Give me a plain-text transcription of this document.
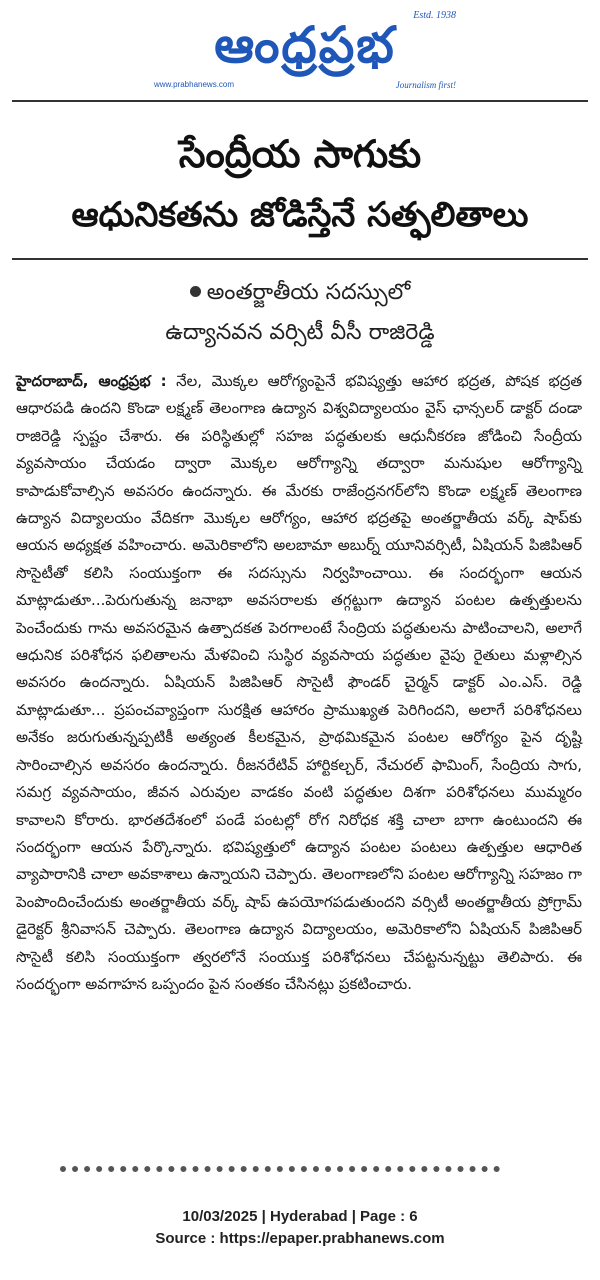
Estd. 1938
ఆంధ్రప్రభ
www.prabhanews.com	Journalism first!
సేంద్రీయ సాగుకు
ఆధునికతను జోడిస్తేనే సత్ఫలితాలు
అంతర్జాతీయ సదస్సులో
ఉద్యానవన వర్సిటీ వీసీ రాజిరెడ్డి
హైదరాబాద్, ఆంధ్రప్రభ : నేల, మొక్కల ఆరోగ్యంపైనే భవిష్యత్తు ఆహార భద్రత, పోషక భద్రత ఆధారపడి ఉందని కొండా లక్ష్మణ్ తెలంగాణ ఉద్యాన విశ్వవిద్యాలయం వైస్ ఛాన్సలర్ డాక్టర్ దండా రాజిరెడ్డి స్పష్టం చేశారు. ఈ పరిస్థితుల్లో సహజ పద్ధతులకు ఆధునీకరణ జోడించి సేంద్రీయ వ్యవసాయం చేయడం ద్వారా మొక్కల ఆరోగ్యాన్ని తద్వారా మనుషుల ఆరోగ్యాన్ని కాపాడుకోవాల్సిన అవసరం ఉందన్నారు. ఈ మేరకు రాజేంద్రనగర్‌లోని కొండా లక్ష్మణ్ తెలంగాణ ఉద్యాన విద్యాలయం వేదికగా మొక్కల ఆరోగ్యం, ఆహార భద్రతపై అంతర్జాతీయ వర్క్ షాప్‌కు ఆయన అధ్యక్షత వహించారు. అమెరికాలోని అలబామా అబుర్న్ యూనివర్సిటీ, ఏషియన్ పిజిపిఆర్ సొసైటీతో కలిసి సంయుక్తంగా ఈ సదస్సును నిర్వహించాయి. ఈ సందర్భంగా ఆయన మాట్లాడుతూ...పెరుగుతున్న జనాభా అవసరాలకు తగ్గట్టుగా ఉద్యాన పంటల ఉత్పత్తులను పెంచేందుకు గాను అవసరమైన ఉత్పాదకత పెరగాలంటే సేంద్రియ పద్ధతులను పాటించాలని, అలాగే ఆధునిక పరిశోధన ఫలితాలను మేళవించి సుస్థిర వ్యవసాయ పద్ధతుల వైపు రైతులు మళ్లాల్సిన అవసరం ఉందన్నారు. ఏషియన్ పిజిపిఆర్ సొసైటీ ఫౌండర్ చైర్మన్ డాక్టర్ ఎం.ఎస్. రెడ్డి మాట్లాడుతూ... ప్రపంచవ్యాప్తంగా సురక్షిత ఆహారం ప్రాముఖ్యత పెరిగిందని, అలాగే పరిశోధనలు అనేకం జరుగుతున్నప్పటికీ అత్యంత కీలకమైన, ప్రాథమికమైన పంటల ఆరోగ్యం పైన దృష్టి సారించాల్సిన అవసరం ఉందన్నారు. రీజనరేటివ్ హార్టికల్చర్, నేచురల్ ఫామింగ్, సేంద్రియ సాగు, సమగ్ర వ్యవసాయం, జీవన ఎరువుల వాడకం వంటి పద్ధతుల దిశగా పరిశోధనలు ముమ్మరం కావాలని కోరారు. భారతదేశంలో పండే పంటల్లో రోగ నిరోధక శక్తి చాలా బాగా ఉంటుందని ఈ సందర్భంగా ఆయన పేర్కొన్నారు. భవిష్యత్తులో ఉద్యాన పంటల పంటలు ఉత్పత్తుల ఆధారిత వ్యాపారానికి చాలా అవకాశాలు ఉన్నాయని చెప్పారు. తెలంగాణలోని పంటల ఆరోగ్యాన్ని సహజం గా పెంపొందించేందుకు అంతర్జాతీయ వర్క్ షాప్ ఉపయోగపడుతుందని వర్సిటీ అంతర్జాతీయ ప్రోగ్రామ్ డైరెక్టర్ శ్రీనివాసన్ చెప్పారు. తెలంగాణ ఉద్యాన విద్యాలయం, అమెరికాలోని ఏషియన్ పిజిపిఆర్ సొసైటీ కలిసి సంయుక్తంగా త్వరలోనే సంయుక్త పరిశోధనలు చేపట్టనున్నట్టు తెలిపారు. ఈ సందర్భంగా అవగాహన ఒప్పందం పైన సంతకం చేసినట్లు ప్రకటించారు.
10/03/2025 | Hyderabad | Page : 6
Source : https://epaper.prabhanews.com
